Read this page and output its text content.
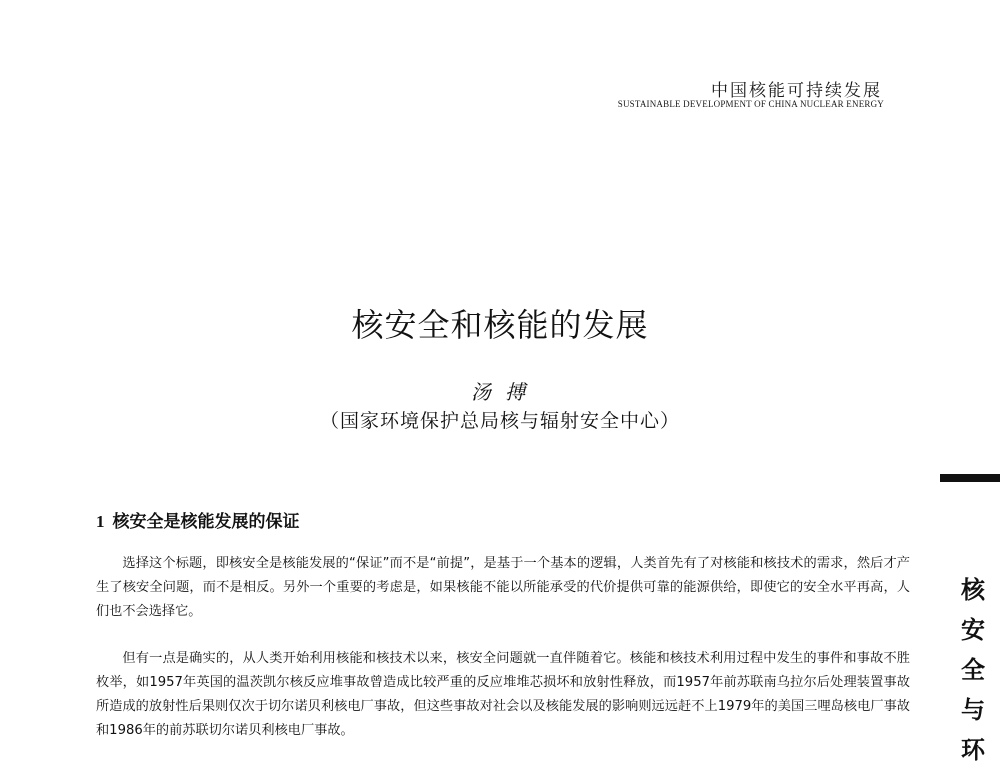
中国核能可持续发展
SUSTAINABLE DEVELOPMENT OF CHINA NUCLEAR ENERGY
核安全和核能的发展
汤 搏
（国家环境保护总局核与辐射安全中心）
核
安
全
与
环
1 核安全是核能发展的保证

选择这个标题，即核安全是核能发展的“保证”而不是“前提”，是基于一个基本的逻辑，人类首先有了对核能和核技术的需求，然后才产生了核安全问题，而不是相反。另外一个重要的考虑是，如果核能不能以所能承受的代价提供可靠的能源供给，即使它的安全水平再高，人们也不会选择它。

但有一点是确实的，从人类开始利用核能和核技术以来，核安全问题就一直伴随着它。核能和核技术利用过程中发生的事件和事故不胜枚举，如1957年英国的温茨凯尔核反应堆事故曾造成比较严重的反应堆堆芯损坏和放射性释放，而1957年前苏联南乌拉尔后处理装置事故所造成的放射性后果则仅次于切尔诺贝利核电厂事故，但这些事故对社会以及核能发展的影响则远远赶不上1979年的美国三哩岛核电厂事故和1986年的前苏联切尔诺贝利核电厂事故。
